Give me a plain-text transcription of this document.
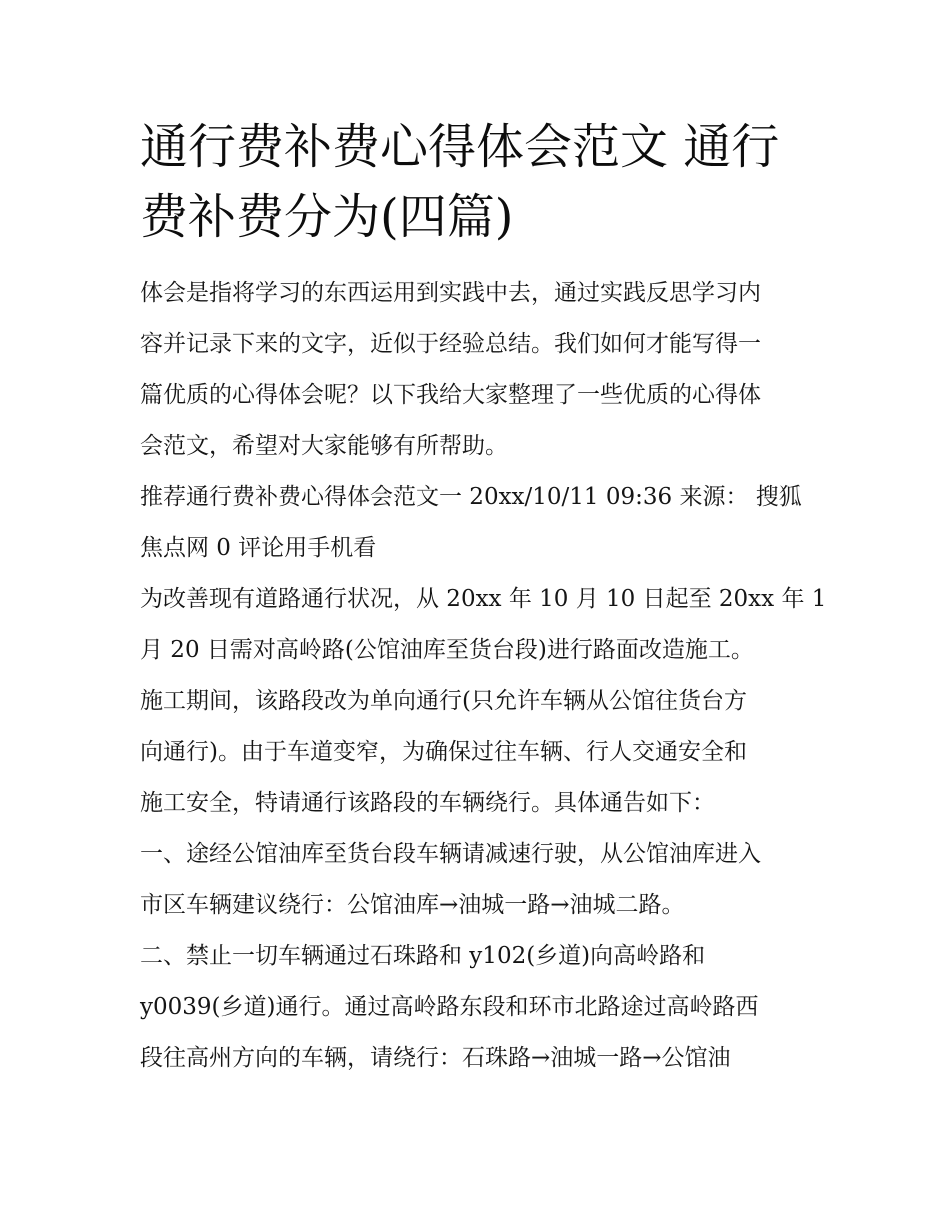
通行费补费心得体会范文 通行
费补费分为(四篇)
体会是指将学习的东西运用到实践中去，通过实践反思学习内
容并记录下来的文字，近似于经验总结。我们如何才能写得一
篇优质的心得体会呢？以下我给大家整理了一些优质的心得体
会范文，希望对大家能够有所帮助。
推荐通行费补费心得体会范文一 20xx/10/11 09:36 来源： 搜狐
焦点网 0 评论用手机看
为改善现有道路通行状况，从 20xx 年 10 月 10 日起至 20xx 年 1
月 20 日需对高岭路(公馆油库至货台段)进行路面改造施工。
施工期间，该路段改为单向通行(只允许车辆从公馆往货台方
向通行)。由于车道变窄，为确保过往车辆、行人交通安全和
施工安全，特请通行该路段的车辆绕行。具体通告如下：
一、途经公馆油库至货台段车辆请减速行驶，从公馆油库进入
市区车辆建议绕行：公馆油库→油城一路→油城二路。
二、禁止一切车辆通过石珠路和 y102(乡道)向高岭路和
y0039(乡道)通行。通过高岭路东段和环市北路途过高岭路西
段往高州方向的车辆，请绕行：石珠路→油城一路→公馆油
